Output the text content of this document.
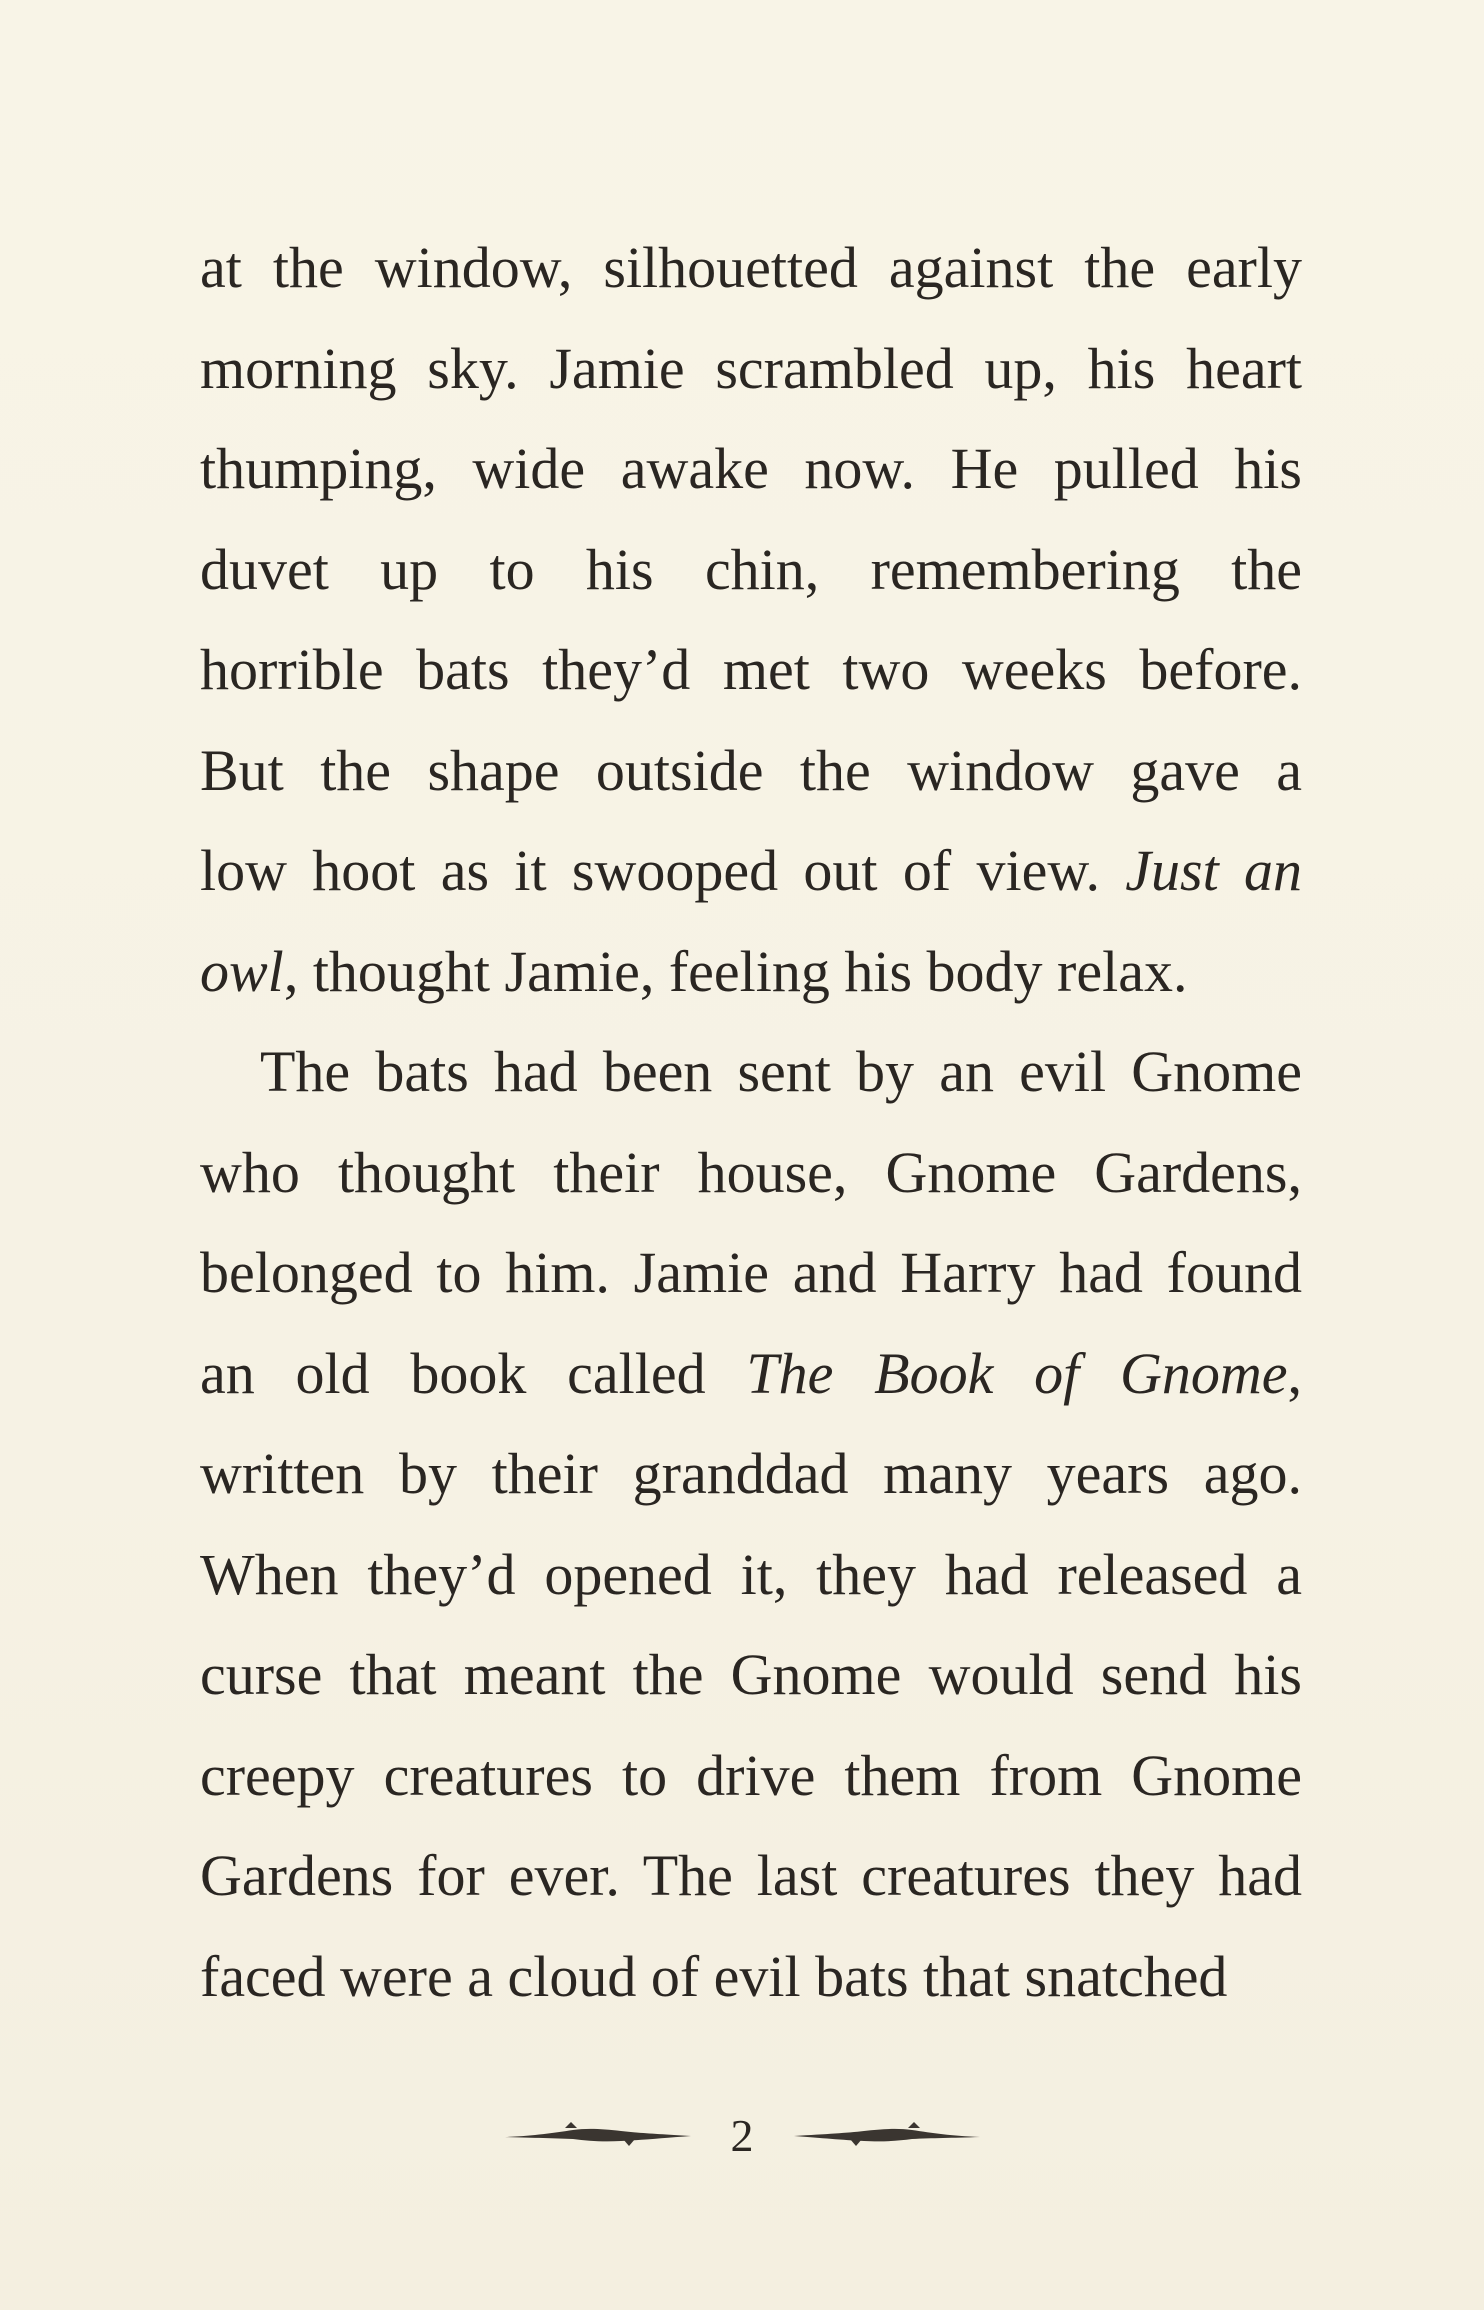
at the window, silhouetted against the early
morning sky. Jamie scrambled up, his heart
thumping, wide awake now. He pulled his
duvet up to his chin, remembering the
horrible bats they’d met two weeks before.
But the shape outside the window gave a
low hoot as it swooped out of view. Just an
owl, thought Jamie, feeling his body relax.
The bats had been sent by an evil Gnome
who thought their house, Gnome Gardens,
belonged to him. Jamie and Harry had found
an old book called The Book of Gnome,
written by their granddad many years ago.
When they’d opened it, they had released a
curse that meant the Gnome would send his
creepy creatures to drive them from Gnome
Gardens for ever. The last creatures they had
faced were a cloud of evil bats that snatched
2
